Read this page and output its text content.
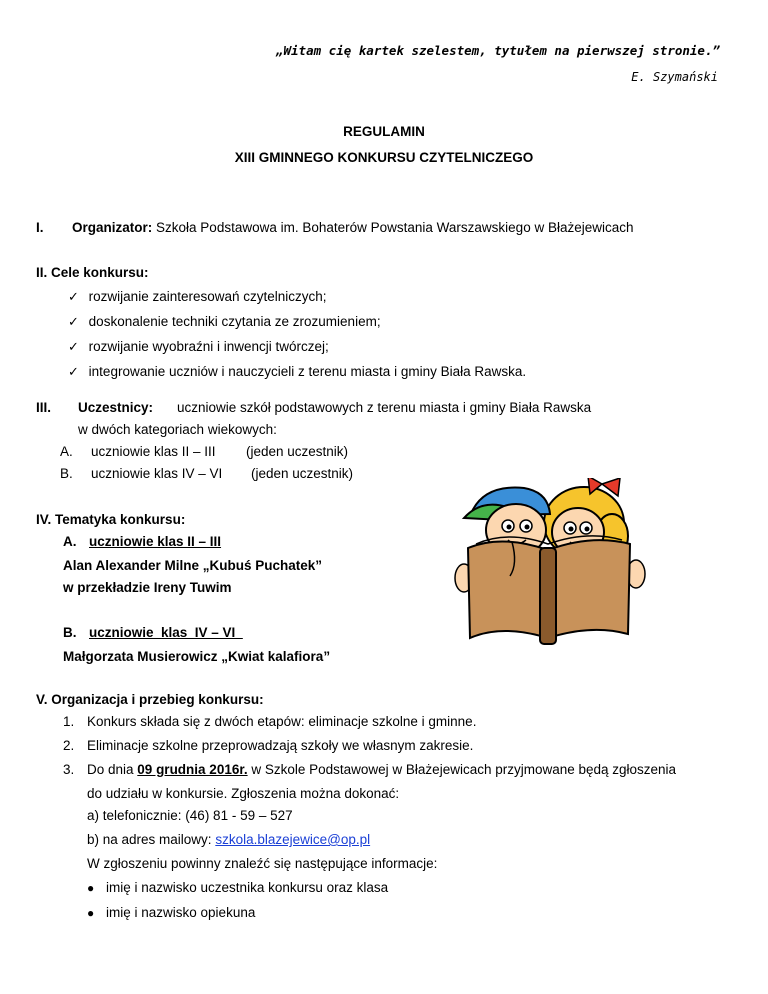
„Witam cię kartek szelestem, tytułem na pierwszej stronie.”
E. Szymański
REGULAMIN
XIII GMINNEGO KONKURSU CZYTELNICZEGO
I. Organizator: Szkoła Podstawowa im. Bohaterów Powstania Warszawskiego w Błażejewicach
II. Cele konkursu:
✓ rozwijanie zainteresowań czytelniczych;
✓ doskonalenie techniki czytania ze zrozumieniem;
✓ rozwijanie wyobraźni i inwencji twórczej;
✓ integrowanie uczniów i nauczycieli z terenu miasta i gminy Biała Rawska.
III. Uczestnicy: uczniowie szkół podstawowych z terenu miasta i gminy Biała Rawska
w dwóch kategoriach wiekowych:
A. uczniowie klas II – III (jeden uczestnik)
B. uczniowie klas IV – VI (jeden uczestnik)
IV. Tematyka konkursu:
A. uczniowie klas II – III
Alan Alexander Milne „Kubuś Puchatek”
w przekładzie Ireny Tuwim
B. uczniowie  klas  IV – VI
Małgorzata Musierowicz „Kwiat kalafiora”
V. Organizacja i przebieg konkursu:
1. Konkurs składa się z dwóch etapów: eliminacje szkolne i gminne.
2. Eliminacje szkolne przeprowadzają szkoły we własnym zakresie.
3. Do dnia 09 grudnia 2016r. w Szkole Podstawowej w Błażejewicach przyjmowane będą zgłoszenia
do udziału w konkursie. Zgłoszenia można dokonać:
a) telefonicznie: (46) 81 - 59 – 527
b) na adres mailowy: szkola.blazejewice@op.pl
W zgłoszeniu powinny znaleźć się następujące informacje:
● imię i nazwisko uczestnika konkursu oraz klasa
● imię i nazwisko opiekuna
